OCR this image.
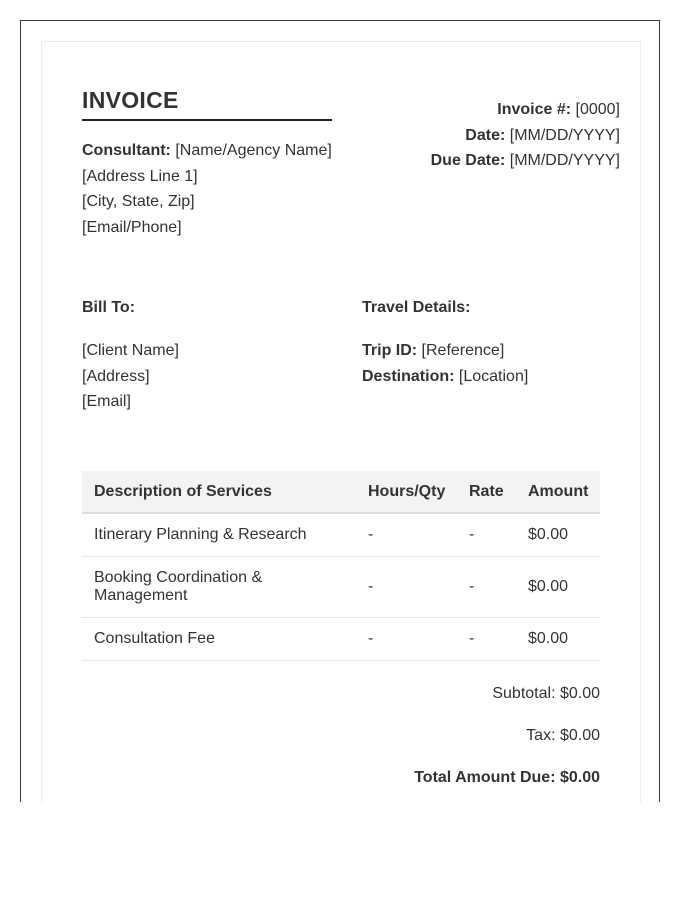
INVOICE
Consultant: [Name/Agency Name]
[Address Line 1]
[City, State, Zip]
[Email/Phone]
Invoice #: [0000]
Date: [MM/DD/YYYY]
Due Date: [MM/DD/YYYY]
Bill To:	Travel Details:
[Client Name]
[Address]
[Email]
Trip ID: [Reference]
Destination: [Location]
Description of Services	Hours/Qty	Rate	Amount
Itinerary Planning & Research	-	-	$0.00
Booking Coordination & Management	-	-	$0.00
Consultation Fee	-	-	$0.00
Subtotal: $0.00
Tax: $0.00
Total Amount Due: $0.00
